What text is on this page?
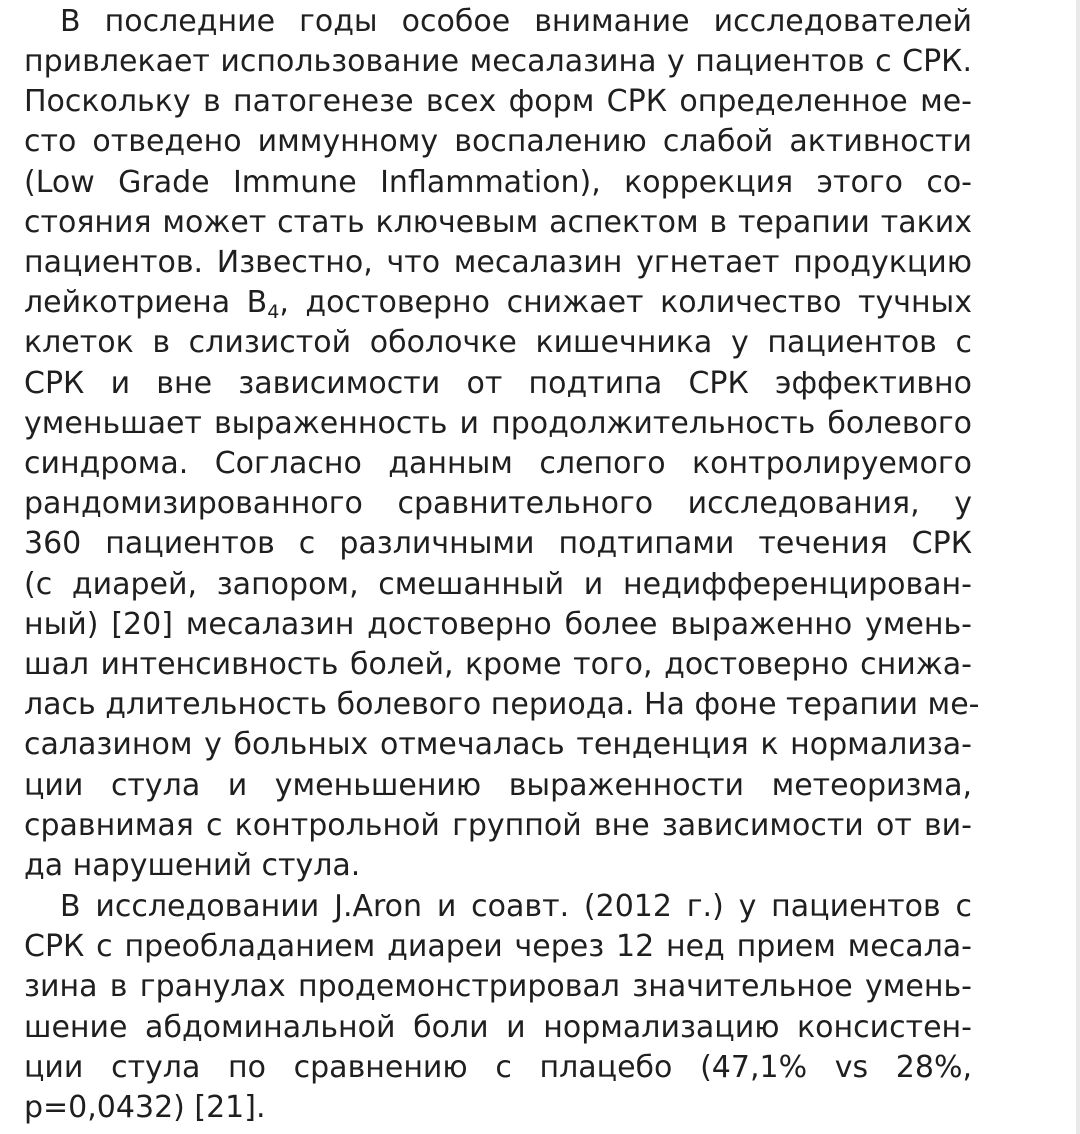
В последние годы особое внимание исследователей
привлекает использование месалазина у пациентов с СРК.
Поскольку в патогенезе всех форм СРК определенное ме-
сто отведено иммунному воспалению слабой активности
(Low Grade Immune Inflammation), коррекция этого со-
стояния может стать ключевым аспектом в терапии таких
пациентов. Известно, что месалазин угнетает продукцию
лейкотриена $B_4$, достоверно снижает количество тучных
клеток в слизистой оболочке кишечника у пациентов с
СРК и вне зависимости от подтипа СРК эффективно
уменьшает выраженность и продолжительность болевого
синдрома. Согласно данным слепого контролируемого
рандомизированного сравнительного исследования, у
360 пациентов с различными подтипами течения СРК
(с диарей, запором, смешанный и недифференцирован-
ный) [20] месалазин достоверно более выраженно умень-
шал интенсивность болей, кроме того, достоверно снижа-
лась длительность болевого периода. На фоне терапии ме-
салазином у больных отмечалась тенденция к нормализа-
ции стула и уменьшению выраженности метеоризма,
сравнимая с контрольной группой вне зависимости от ви-
да нарушений стула.
В исследовании J.Aron и соавт. (2012 г.) у пациентов с
СРК с преобладанием диареи через 12 нед прием месала-
зина в гранулах продемонстрировал значительное умень-
шение абдоминальной боли и нормализацию консистен-
ции стула по сравнению с плацебо (47,1% vs 28%,
p=0,0432) [21].
